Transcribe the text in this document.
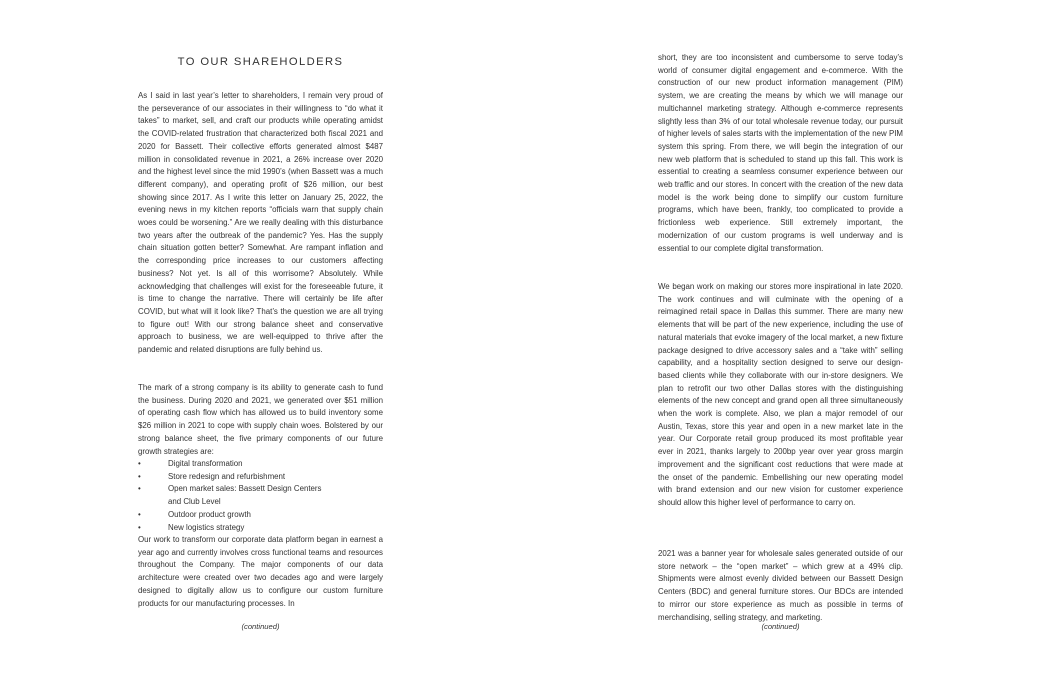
TO OUR SHAREHOLDERS

As I said in last year’s letter to shareholders, I remain very proud of the perseverance of our associates in their willingness to “do what it takes” to market, sell, and craft our products while operating amidst the COVID-related frustration that characterized both fiscal 2021 and 2020 for Bassett. Their collective efforts generated almost $487 million in consolidated revenue in 2021, a 26% increase over 2020 and the highest level since the mid 1990’s (when Bassett was a much different company), and operating profit of $26 million, our best showing since 2017. As I write this letter on January 25, 2022, the evening news in my kitchen reports “officials warn that supply chain woes could be worsening.” Are we really dealing with this disturbance two years after the outbreak of the pandemic? Yes. Has the supply chain situation gotten better? Somewhat. Are rampant inflation and the corresponding price increases to our customers affecting business? Not yet. Is all of this worrisome? Absolutely. While acknowledging that challenges will exist for the foreseeable future, it is time to change the narrative. There will certainly be life after COVID, but what will it look like? That’s the question we are all trying to figure out! With our strong balance sheet and conservative approach to business, we are well-equipped to thrive after the pandemic and related disruptions are fully behind us.

The mark of a strong company is its ability to generate cash to fund the business. During 2020 and 2021, we generated over $51 million of operating cash flow which has allowed us to build inventory some $26 million in 2021 to cope with supply chain woes. Bolstered by our strong balance sheet, the five primary components of our future growth strategies are:

•	Digital transformation
•	Store redesign and refurbishment
•	Open market sales: Bassett Design Centers
and Club Level
•	Outdoor product growth
•	New logistics strategy

Our work to transform our corporate data platform began in earnest a year ago and currently involves cross functional teams and resources throughout the Company. The major components of our data architecture were created over two decades ago and were largely designed to digitally allow us to configure our custom furniture products for our manufacturing processes. In

(continued)

short, they are too inconsistent and cumbersome to serve today’s world of consumer digital engagement and e-commerce. With the construction of our new product information management (PIM) system, we are creating the means by which we will manage our multichannel marketing strategy. Although e-commerce represents slightly less than 3% of our total wholesale revenue today, our pursuit of higher levels of sales starts with the implementation of the new PIM system this spring. From there, we will begin the integration of our new web platform that is scheduled to stand up this fall. This work is essential to creating a seamless consumer experience between our web traffic and our stores. In concert with the creation of the new data model is the work being done to simplify our custom furniture programs, which have been, frankly, too complicated to provide a frictionless web experience. Still extremely important, the modernization of our custom programs is well underway and is essential to our complete digital transformation.

We began work on making our stores more inspirational in late 2020. The work continues and will culminate with the opening of a reimagined retail space in Dallas this summer. There are many new elements that will be part of the new experience, including the use of natural materials that evoke imagery of the local market, a new fixture package designed to drive accessory sales and a “take with” selling capability, and a hospitality section designed to serve our design-based clients while they collaborate with our in-store designers. We plan to retrofit our two other Dallas stores with the distinguishing elements of the new concept and grand open all three simultaneously when the work is complete. Also, we plan a major remodel of our Austin, Texas, store this year and open in a new market late in the year. Our Corporate retail group produced its most profitable year ever in 2021, thanks largely to 200bp year over year gross margin improvement and the significant cost reductions that were made at the onset of the pandemic. Embellishing our new operating model with brand extension and our new vision for customer experience should allow this higher level of performance to carry on.

2021 was a banner year for wholesale sales generated outside of our store network – the “open market” – which grew at a 49% clip. Shipments were almost evenly divided between our Bassett Design Centers (BDC) and general furniture stores. Our BDCs are intended to mirror our store experience as much as possible in terms of merchandising, selling strategy, and marketing.

(continued)
